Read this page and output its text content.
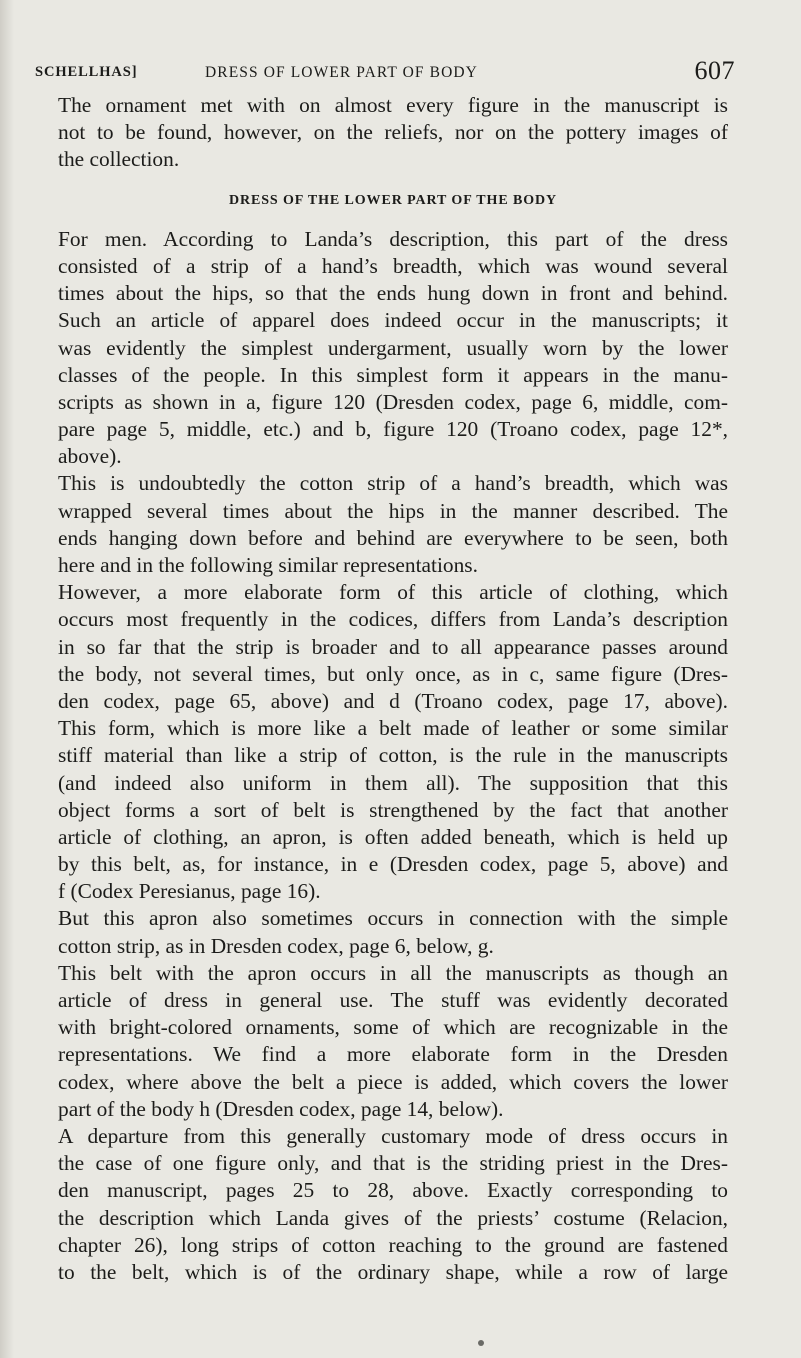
SCHELLHAS]	DRESS OF LOWER PART OF BODY	607
The ornament met with on almost every figure in the manuscript is
not to be found, however, on the reliefs, nor on the pottery images of
the collection.
DRESS OF THE LOWER PART OF THE BODY
For men. According to Landa’s description, this part of the dress
consisted of a strip of a hand’s breadth, which was wound several
times about the hips, so that the ends hung down in front and behind.
Such an article of apparel does indeed occur in the manuscripts; it
was evidently the simplest undergarment, usually worn by the lower
classes of the people. In this simplest form it appears in the manu-
scripts as shown in a, figure 120 (Dresden codex, page 6, middle, com-
pare page 5, middle, etc.) and b, figure 120 (Troano codex, page 12*,
above).
This is undoubtedly the cotton strip of a hand’s breadth, which was
wrapped several times about the hips in the manner described. The
ends hanging down before and behind are everywhere to be seen, both
here and in the following similar representations.
However, a more elaborate form of this article of clothing, which
occurs most frequently in the codices, differs from Landa’s description
in so far that the strip is broader and to all appearance passes around
the body, not several times, but only once, as in c, same figure (Dres-
den codex, page 65, above) and d (Troano codex, page 17, above).
This form, which is more like a belt made of leather or some similar
stiff material than like a strip of cotton, is the rule in the manuscripts
(and indeed also uniform in them all). The supposition that this
object forms a sort of belt is strengthened by the fact that another
article of clothing, an apron, is often added beneath, which is held up
by this belt, as, for instance, in e (Dresden codex, page 5, above) and
f (Codex Peresianus, page 16).
But this apron also sometimes occurs in connection with the simple
cotton strip, as in Dresden codex, page 6, below, g.
This belt with the apron occurs in all the manuscripts as though an
article of dress in general use. The stuff was evidently decorated
with bright-colored ornaments, some of which are recognizable in the
representations. We find a more elaborate form in the Dresden
codex, where above the belt a piece is added, which covers the lower
part of the body h (Dresden codex, page 14, below).
A departure from this generally customary mode of dress occurs in
the case of one figure only, and that is the striding priest in the Dres-
den manuscript, pages 25 to 28, above. Exactly corresponding to
the description which Landa gives of the priests’ costume (Relacion,
chapter 26), long strips of cotton reaching to the ground are fastened
to the belt, which is of the ordinary shape, while a row of large
